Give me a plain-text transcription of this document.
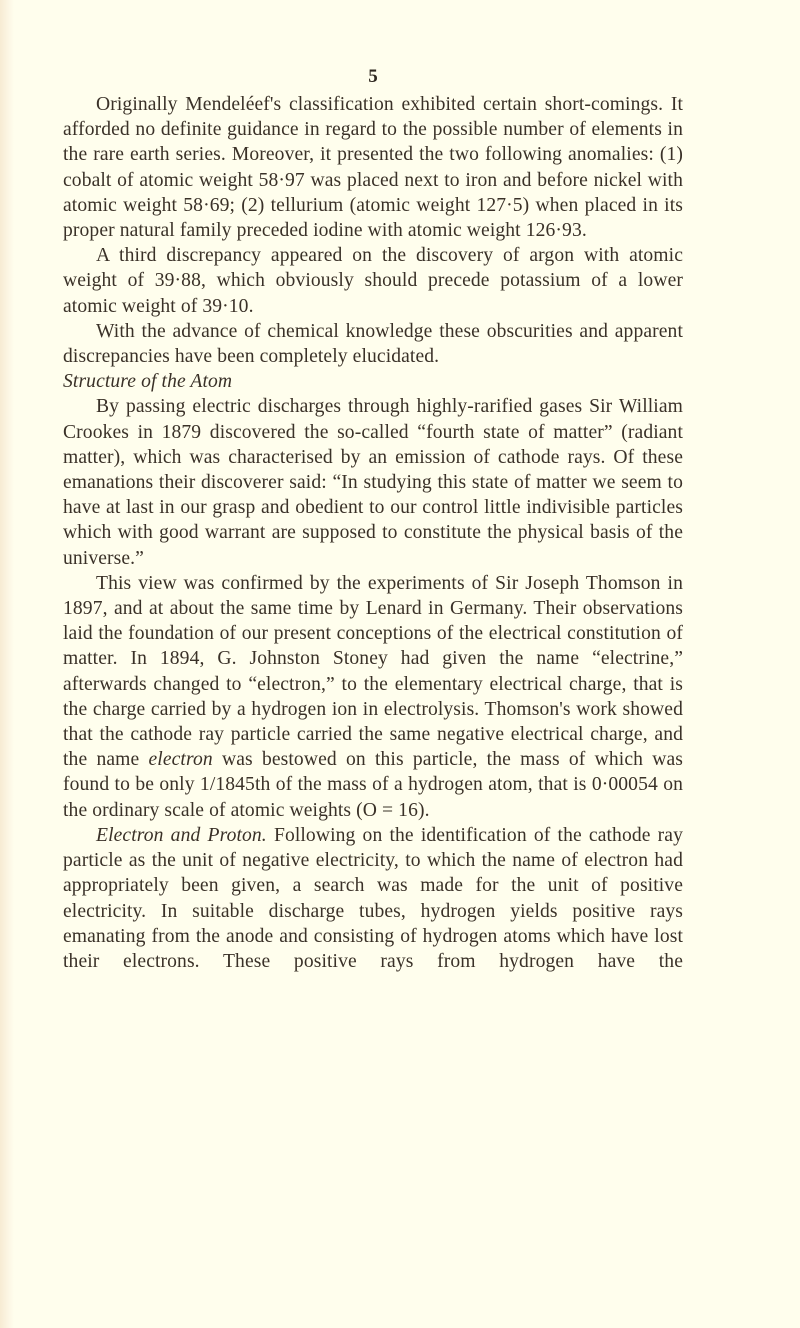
5

Originally Mendeléef's classification exhibited certain short-comings. It afforded no definite guidance in regard to the possible number of elements in the rare earth series. Moreover, it presented the two following anomalies: (1) cobalt of atomic weight 58·97 was placed next to iron and before nickel with atomic weight 58·69; (2) tellurium (atomic weight 127·5) when placed in its proper natural family preceded iodine with atomic weight 126·93.

A third discrepancy appeared on the discovery of argon with atomic weight of 39·88, which obviously should precede potassium of a lower atomic weight of 39·10.

With the advance of chemical knowledge these obscurities and apparent discrepancies have been completely elucidated.

Structure of the Atom

By passing electric discharges through highly-rarified gases Sir William Crookes in 1879 discovered the so-called “fourth state of matter” (radiant matter), which was characterised by an emission of cathode rays. Of these emanations their discoverer said: “In studying this state of matter we seem to have at last in our grasp and obedient to our control little indivisible particles which with good warrant are supposed to constitute the physical basis of the universe.”

This view was confirmed by the experiments of Sir Joseph Thomson in 1897, and at about the same time by Lenard in Germany. Their observations laid the foundation of our present conceptions of the electrical constitution of matter. In 1894, G. Johnston Stoney had given the name “electrine,” afterwards changed to “electron,” to the elementary electrical charge, that is the charge carried by a hydrogen ion in electrolysis. Thomson's work showed that the cathode ray particle carried the same negative electrical charge, and the name electron was bestowed on this particle, the mass of which was found to be only 1/1845th of the mass of a hydrogen atom, that is 0·00054 on the ordinary scale of atomic weights (O = 16).

Electron and Proton. Following on the identification of the cathode ray particle as the unit of negative electricity, to which the name of electron had appropriately been given, a search was made for the unit of positive electricity. In suitable discharge tubes, hydrogen yields positive rays emanating from the anode and consisting of hydrogen atoms which have lost their electrons. These positive rays from hydrogen have the
